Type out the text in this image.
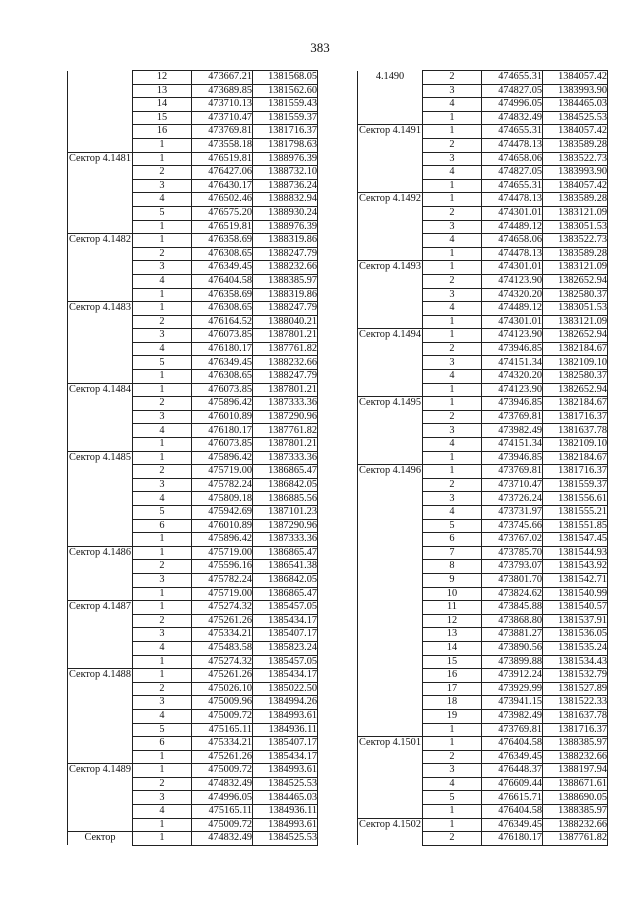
383
	12	473667.21	1381568.05
	13	473689.85	1381562.60
	14	473710.13	1381559.43
	15	473710.47	1381559.37
	16	473769.81	1381716.37
	1	473558.18	1381798.63
Сектор 4.1481	1	476519.81	1388976.39
	2	476427.06	1388732.10
	3	476430.17	1388736.24
	4	476502.46	1388832.94
	5	476575.20	1388930.24
	1	476519.81	1388976.39
Сектор 4.1482	1	476358.69	1388319.86
	2	476308.65	1388247.79
	3	476349.45	1388232.66
	4	476404.58	1388385.97
	1	476358.69	1388319.86
Сектор 4.1483	1	476308.65	1388247.79
	2	476164.52	1388040.21
	3	476073.85	1387801.21
	4	476180.17	1387761.82
	5	476349.45	1388232.66
	1	476308.65	1388247.79
Сектор 4.1484	1	476073.85	1387801.21
	2	475896.42	1387333.36
	3	476010.89	1387290.96
	4	476180.17	1387761.82
	1	476073.85	1387801.21
Сектор 4.1485	1	475896.42	1387333.36
	2	475719.00	1386865.47
	3	475782.24	1386842.05
	4	475809.18	1386885.56
	5	475942.69	1387101.23
	6	476010.89	1387290.96
	1	475896.42	1387333.36
Сектор 4.1486	1	475719.00	1386865.47
	2	475596.16	1386541.38
	3	475782.24	1386842.05
	1	475719.00	1386865.47
Сектор 4.1487	1	475274.32	1385457.05
	2	475261.26	1385434.17
	3	475334.21	1385407.17
	4	475483.58	1385823.24
	1	475274.32	1385457.05
Сектор 4.1488	1	475261.26	1385434.17
	2	475026.10	1385022.50
	3	475009.96	1384994.26
	4	475009.72	1384993.61
	5	475165.11	1384936.11
	6	475334.21	1385407.17
	1	475261.26	1385434.17
Сектор 4.1489	1	475009.72	1384993.61
	2	474832.49	1384525.53
	3	474996.05	1384465.03
	4	475165.11	1384936.11
	1	475009.72	1384993.61
Сектор	1	474832.49	1384525.53
4.1490	2	474655.31	1384057.42
	3	474827.05	1383993.90
	4	474996.05	1384465.03
	1	474832.49	1384525.53
Сектор 4.1491	1	474655.31	1384057.42
	2	474478.13	1383589.28
	3	474658.06	1383522.73
	4	474827.05	1383993.90
	1	474655.31	1384057.42
Сектор 4.1492	1	474478.13	1383589.28
	2	474301.01	1383121.09
	3	474489.12	1383051.53
	4	474658.06	1383522.73
	1	474478.13	1383589.28
Сектор 4.1493	1	474301.01	1383121.09
	2	474123.90	1382652.94
	3	474320.20	1382580.37
	4	474489.12	1383051.53
	1	474301.01	1383121.09
Сектор 4.1494	1	474123.90	1382652.94
	2	473946.85	1382184.67
	3	474151.34	1382109.10
	4	474320.20	1382580.37
	1	474123.90	1382652.94
Сектор 4.1495	1	473946.85	1382184.67
	2	473769.81	1381716.37
	3	473982.49	1381637.78
	4	474151.34	1382109.10
	1	473946.85	1382184.67
Сектор 4.1496	1	473769.81	1381716.37
	2	473710.47	1381559.37
	3	473726.24	1381556.61
	4	473731.97	1381555.21
	5	473745.66	1381551.85
	6	473767.02	1381547.45
	7	473785.70	1381544.93
	8	473793.07	1381543.92
	9	473801.70	1381542.71
	10	473824.62	1381540.99
	11	473845.88	1381540.57
	12	473868.80	1381537.91
	13	473881.27	1381536.05
	14	473890.56	1381535.24
	15	473899.88	1381534.43
	16	473912.24	1381532.79
	17	473929.99	1381527.89
	18	473941.15	1381522.33
	19	473982.49	1381637.78
	1	473769.81	1381716.37
Сектор 4.1501	1	476404.58	1388385.97
	2	476349.45	1388232.66
	3	476448.37	1388197.94
	4	476609.44	1388671.61
	5	476615.71	1388690.05
	1	476404.58	1388385.97
Сектор 4.1502	1	476349.45	1388232.66
	2	476180.17	1387761.82
